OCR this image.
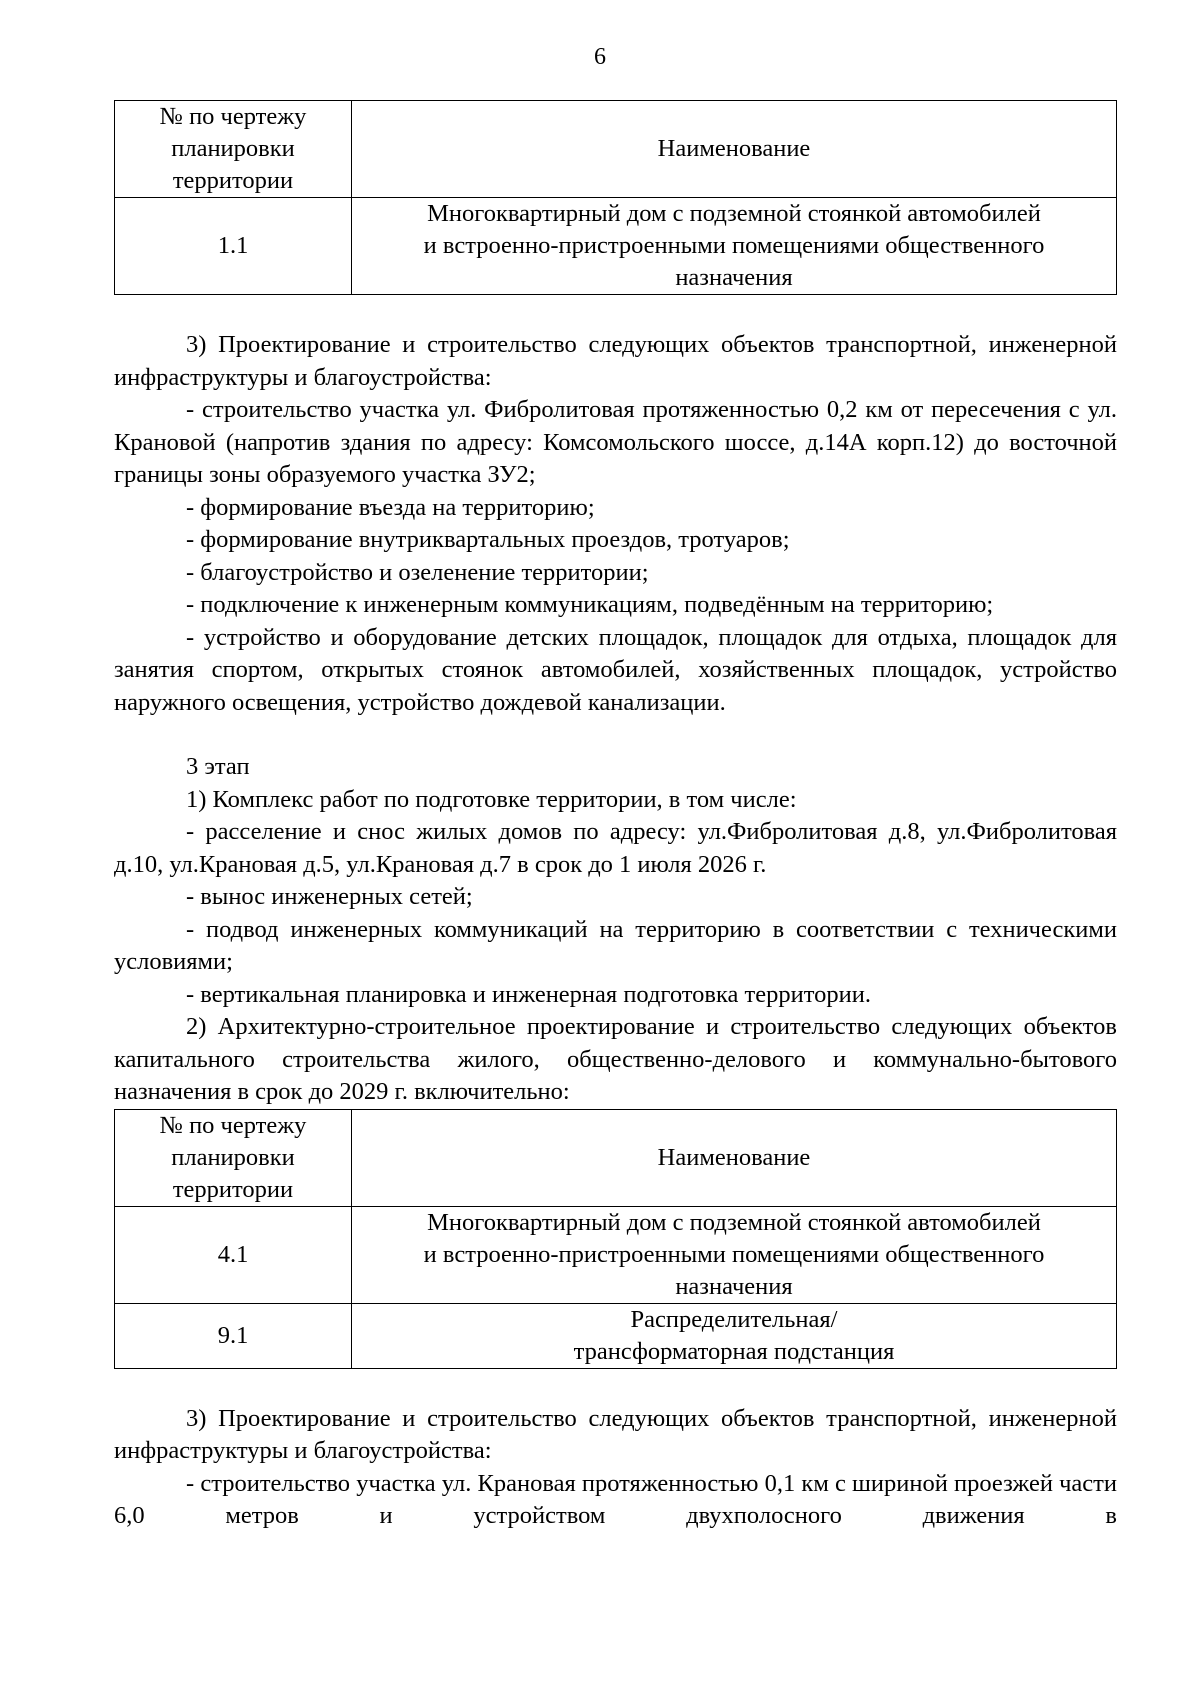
6
№ по чертежу
планировки
территории	Наименование
1.1	Многоквартирный дом с подземной стоянкой автомобилей
и встроенно-пристроенными помещениями общественного
назначения

3) Проектирование и строительство следующих объектов транспортной, инженерной инфраструктуры и благоустройства:

- строительство участка ул. Фибролитовая протяженностью 0,2 км от пересечения с ул. Крановой (напротив здания по адресу: Комсомольского шоссе, д.14А корп.12) до восточной границы зоны образуемого участка ЗУ2;

- формирование въезда на территорию;

- формирование внутриквартальных проездов, тротуаров;

- благоустройство и озеленение территории;

- подключение к инженерным коммуникациям, подведённым на территорию;

- устройство и оборудование детских площадок, площадок для отдыха, площадок для занятия спортом, открытых стоянок автомобилей, хозяйственных площадок, устройство наружного освещения, устройство дождевой канализации.

3 этап

1) Комплекс работ по подготовке территории, в том числе:

- расселение и снос жилых домов по адресу: ул.Фибролитовая д.8, ул.Фибролитовая д.10, ул.Крановая д.5, ул.Крановая д.7 в срок до 1 июля 2026 г.

- вынос инженерных сетей;

- подвод инженерных коммуникаций на территорию в соответствии с техническими условиями;

- вертикальная планировка и инженерная подготовка территории.

2) Архитектурно-строительное проектирование и строительство следующих объектов капитального строительства жилого, общественно-делового и коммунально-бытового назначения в срок до 2029 г. включительно:

№ по чертежу
планировки
территории	Наименование
4.1	Многоквартирный дом с подземной стоянкой автомобилей
и встроенно-пристроенными помещениями общественного
назначения

9.1	Распределительная/
трансформаторная подстанция

3) Проектирование и строительство следующих объектов транспортной, инженерной инфраструктуры и благоустройства:

- строительство участка ул. Крановая протяженностью 0,1 км с шириной проезжей части 6,0 метров и устройством двухполосного движения в
